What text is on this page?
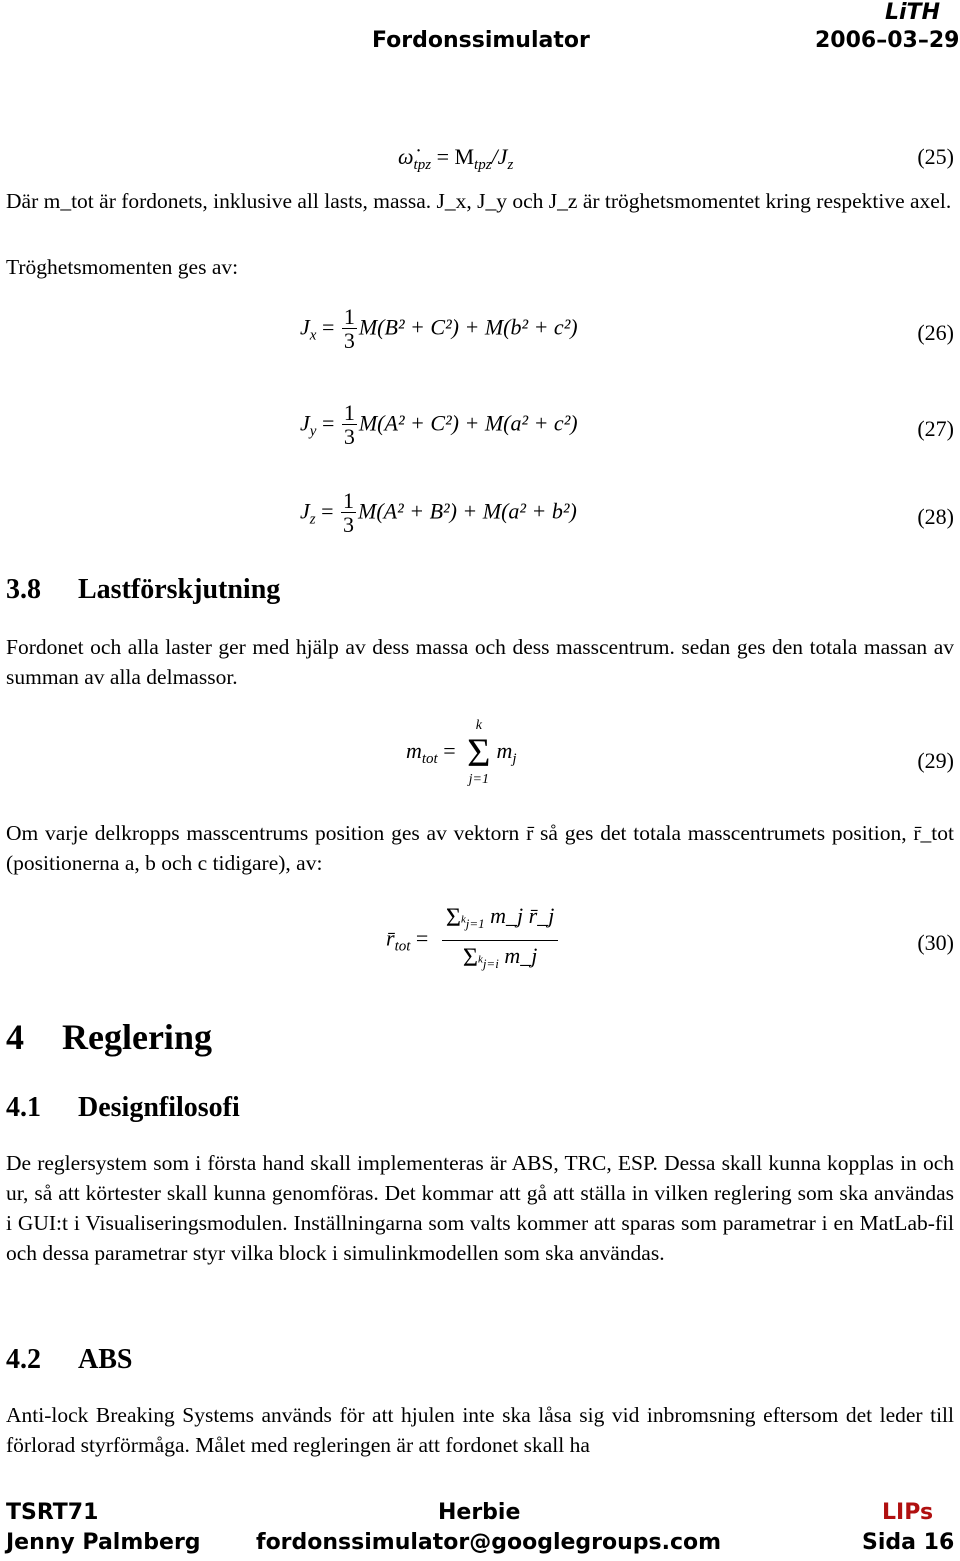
Fordonssimulator	2006–03–29
LiTH
$\omegȧ_{tpz} = M_{tpz}/J_z$	(25)

Där m_tot är fordonets, inklusive all lasts, massa. J_x, J_y och J_z är tröghetsmomentet kring respektive axel.

Tröghetsmomenten ges av:
$J_x = \frac{1}{3} M(B^2 + C^2) + M(b^2 + c^2)$	(26)
$J_y = \frac{1}{3} M(A^2 + C^2) + M(a^2 + c^2)$	(27)
$J_z = \frac{1}{3} M(A^2 + B^2) + M(a^2 + b^2)$	(28)
3.8 Lastförskjutning
Fordonet och alla laster ger med hjälp av dess massa och dess masscentrum. sedan ges den totala massan av summan av alla delmassor.
$m_{tot}$ =
k
Σ
j=1
$m_j$	(29)
Om varje delkropps masscentrums position ges av vektorn r̄ så ges det totala masscentrumets position, r̄_tot (positionerna a, b och c tidigare), av:
$r̄_{tot}$ =
$\Sigma_{^kj=1}$ m_j r̄_j
$\Sigma_{^kj=i}$ m_j
(30)
4 Reglering
4.1 Designfilosofi
De reglersystem som i första hand skall implementeras är ABS, TRC, ESP. Dessa skall kunna kopplas in och ur, så att körtester skall kunna genomföras. Det kommar att gå att ställa in vilken reglering som ska användas i GUI:t i Visualiseringsmodulen. Inställningarna som valts kommer att sparas som parametrar i en MatLab-fil och dessa parametrar styr vilka block i simulinkmodellen som ska användas.
4.2 ABS
Anti-lock Breaking Systems används för att hjulen inte ska låsa sig vid inbromsning eftersom det leder till förlorad styrförmåga. Målet med regleringen är att fordonet skall ha
TSRT71	Herbie	LIPs
Jenny Palmberg	fordonssimulator@googlegroups.com	Sida 16
